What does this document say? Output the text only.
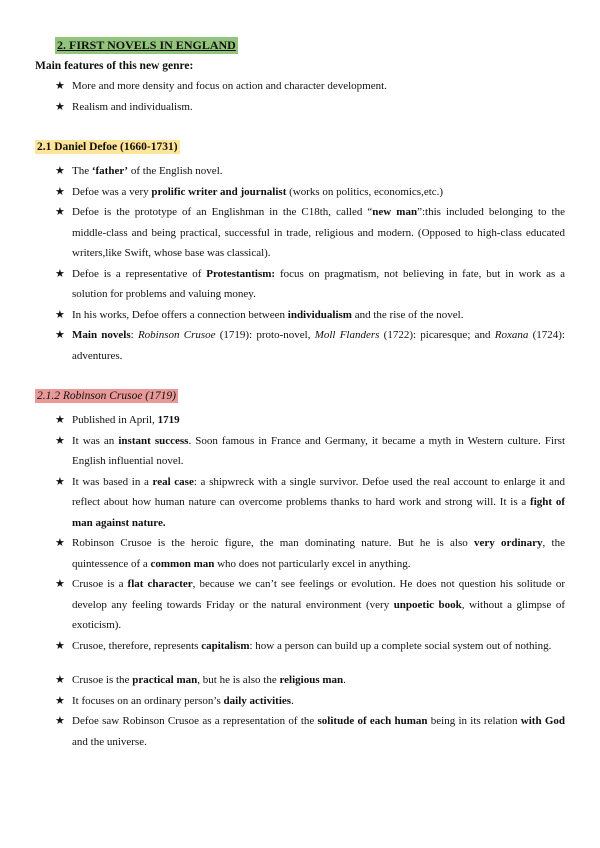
2. FIRST NOVELS IN ENGLAND
Main features of this new genre:
★ More and more density and focus on action and character development.
★ Realism and individualism.
2.1 Daniel Defoe (1660-1731)
★ The ‘father’ of the English novel.
★ Defoe was a very prolific writer and journalist (works on politics, economics,etc.)
★ Defoe is the prototype of an Englishman in the C18th, called “new man”:this included belonging to the middle-class and being practical, successful in trade, religious and modern. (Opposed to high-class educated writers,like Swift, whose base was classical).
★ Defoe is a representative of Protestantism: focus on pragmatism, not believing in fate, but in work as a solution for problems and valuing money.
★ In his works, Defoe offers a connection between individualism and the rise of the novel.
★ Main novels: Robinson Crusoe (1719): proto-novel, Moll Flanders (1722): picaresque; and Roxana (1724): adventures.
2.1.2 Robinson Crusoe (1719)
★ Published in April, 1719
★ It was an instant success. Soon famous in France and Germany, it became a myth in Western culture. First English influential novel.
★ It was based in a real case: a shipwreck with a single survivor. Defoe used the real account to enlarge it and reflect about how human nature can overcome problems thanks to hard work and strong will. It is a fight of man against nature.
★ Robinson Crusoe is the heroic figure, the man dominating nature. But he is also very ordinary, the quintessence of a common man who does not particularly excel in anything.
★ Crusoe is a flat character, because we can’t see feelings or evolution. He does not question his solitude or develop any feeling towards Friday or the natural environment (very unpoetic book, without a glimpse of exoticism).
★ Crusoe, therefore, represents capitalism: how a person can build up a complete social system out of nothing.
★ Crusoe is the practical man, but he is also the religious man.
★ It focuses on an ordinary person’s daily activities.
★ Defoe saw Robinson Crusoe as a representation of the solitude of each human being in its relation with God and the universe.
